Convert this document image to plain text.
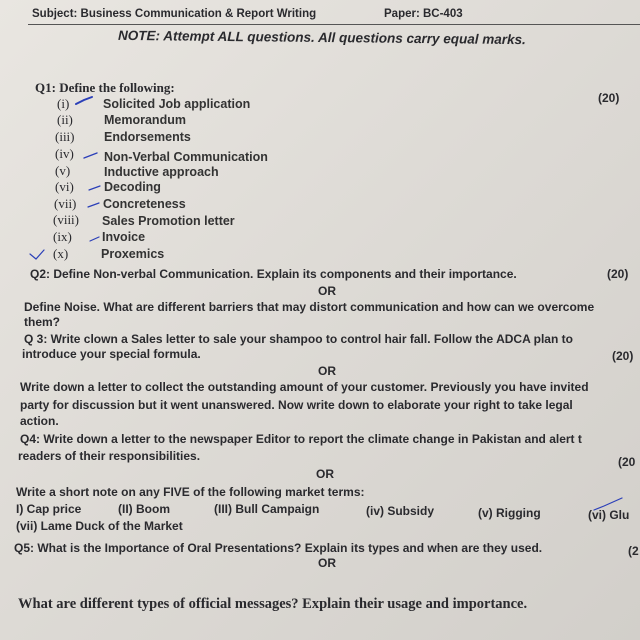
Subject: Business Communication & Report Writing	Paper: BC-403
NOTE: Attempt ALL questions. All questions carry equal marks.
Q1: Define the following:
(20)
(i)	Solicited Job application
(ii) Memorandum
(iii) Endorsements
(iv) Non-Verbal Communication
(v)	Inductive approach
(vi) Decoding
(vii) Concreteness
(viii) Sales Promotion letter
(ix) Invoice
(x)	Proxemics
Q2: Define Non-verbal Communication. Explain its components and their importance.	(20)
OR
Define Noise. What are different barriers that may distort communication and how can we overcome
them?
Q 3: Write clown a Sales letter to sale your shampoo to control hair fall. Follow the ADCA plan to
introduce your special formula.	(20)
OR
Write down a letter to collect the outstanding amount of your customer. Previously you have invited
party for discussion but it went unanswered. Now write down to elaborate your right to take legal
action.
Q4: Write down a letter to the newspaper Editor to report the climate change in Pakistan and alert t
readers of their responsibilities.	(20
OR
Write a short note on any FIVE of the following market terms:
I) Cap price	(II) Boom	(III) Bull Campaign	(iv) Subsidy	(v) Rigging	(vi) Glu
(vii) Lame Duck of the Market
Q5: What is the Importance of Oral Presentations? Explain its types and when are they used.	(2
OR
What are different types of official messages? Explain their usage and importance.
